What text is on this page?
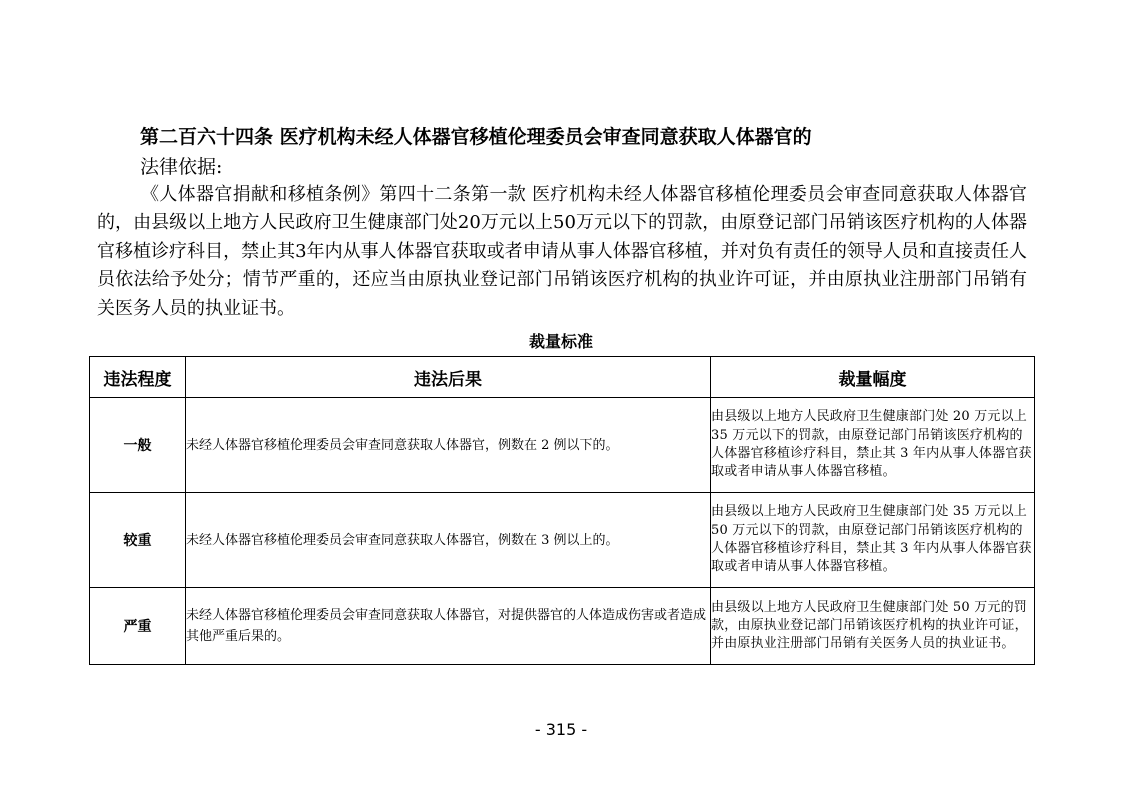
第二百六十四条 医疗机构未经人体器官移植伦理委员会审查同意获取人体器官的
法律依据:

《人体器官捐献和移植条例》第四十二条第一款 医疗机构未经人体器官移植伦理委员会审查同意获取人体器官的，由县级以上地方人民政府卫生健康部门处20万元以上50万元以下的罚款，由原登记部门吊销该医疗机构的人体器官移植诊疗科目，禁止其3年内从事人体器官获取或者申请从事人体器官移植，并对负有责任的领导人员和直接责任人员依法给予处分；情节严重的，还应当由原执业登记部门吊销该医疗机构的执业许可证，并由原执业注册部门吊销有关医务人员的执业证书。

裁量标准
违法程度	违法后果	裁量幅度
一般	未经人体器官移植伦理委员会审查同意获取人体器官，例数在 2 例以下的。	由县级以上地方人民政府卫生健康部门处 20 万元以上 35 万元以下的罚款，由原登记部门吊销该医疗机构的人体器官移植诊疗科目，禁止其 3 年内从事人体器官获取或者申请从事人体器官移植。
较重	未经人体器官移植伦理委员会审查同意获取人体器官，例数在 3 例以上的。	由县级以上地方人民政府卫生健康部门处 35 万元以上 50 万元以下的罚款，由原登记部门吊销该医疗机构的人体器官移植诊疗科目，禁止其 3 年内从事人体器官获取或者申请从事人体器官移植。
严重	未经人体器官移植伦理委员会审查同意获取人体器官，对提供器官的人体造成伤害或者造成其他严重后果的。	由县级以上地方人民政府卫生健康部门处 50 万元的罚款，由原执业登记部门吊销该医疗机构的执业许可证，并由原执业注册部门吊销有关医务人员的执业证书。
- 315 -
